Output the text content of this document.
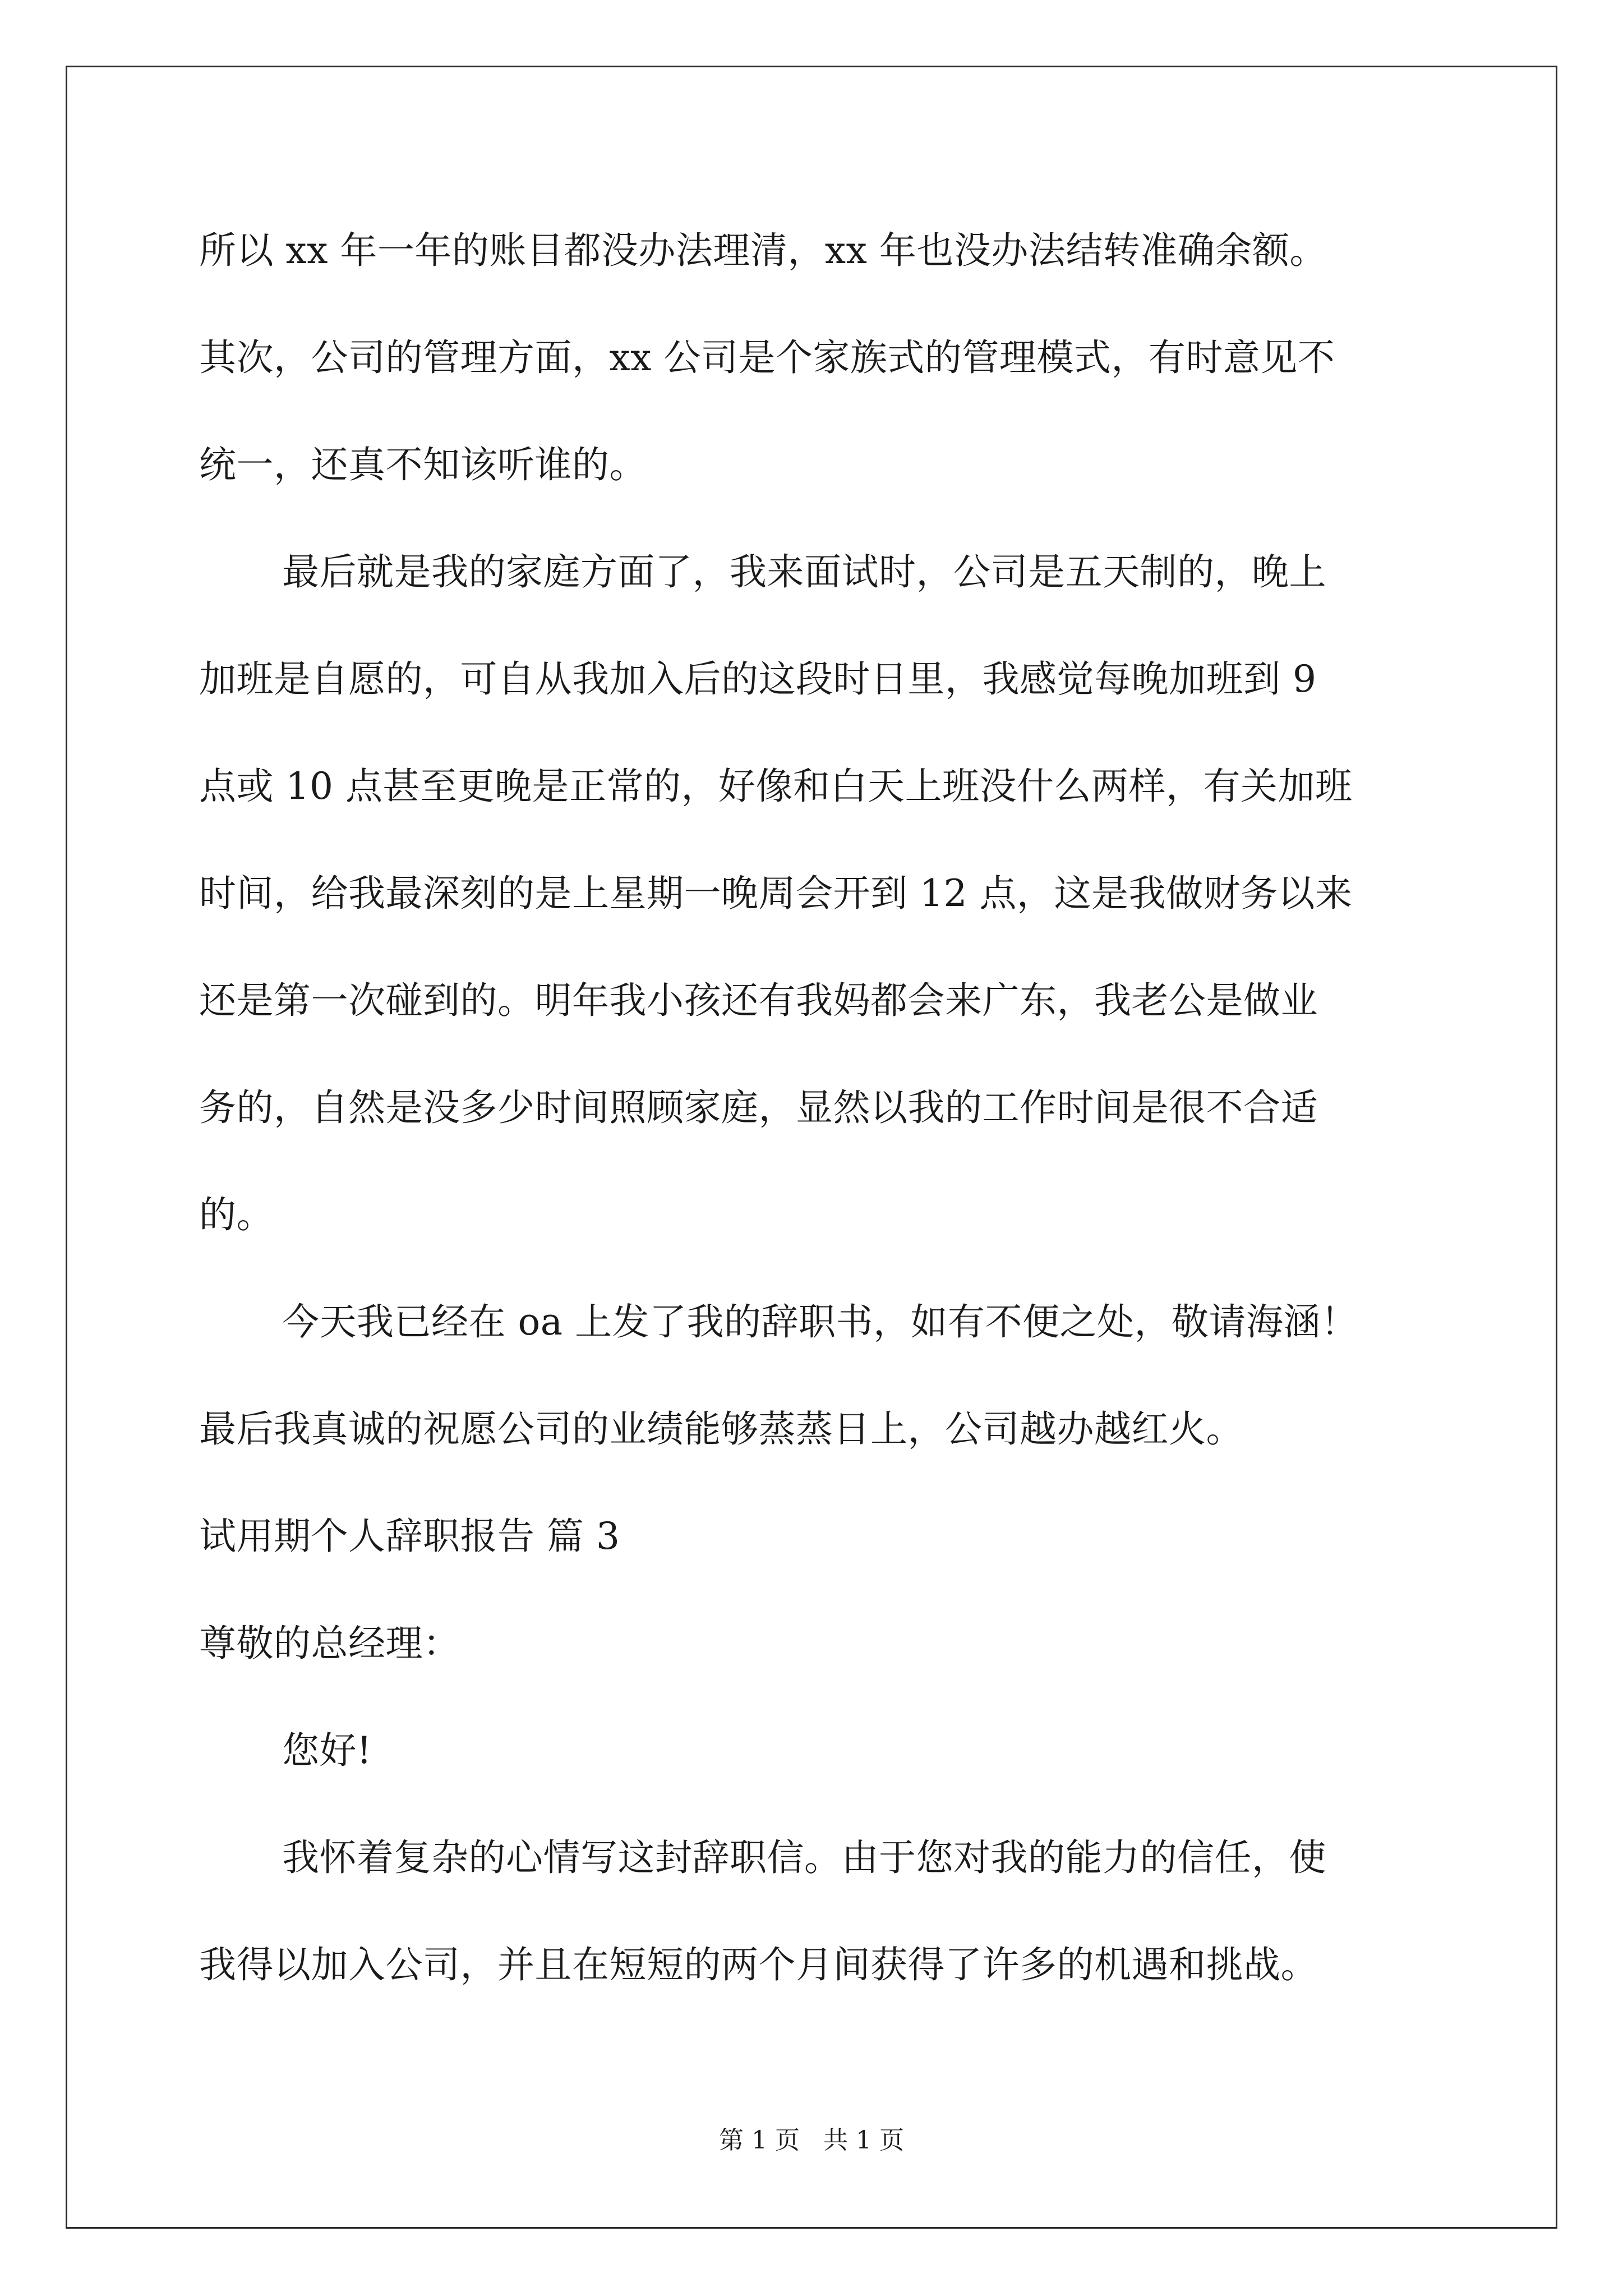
所以 xx 年一年的账目都没办法理清，xx 年也没办法结转准确余额。
其次，公司的管理方面，xx 公司是个家族式的管理模式，有时意见不
统一，还真不知该听谁的。
最后就是我的家庭方面了，我来面试时，公司是五天制的，晚上
加班是自愿的，可自从我加入后的这段时日里，我感觉每晚加班到 9
点或 10 点甚至更晚是正常的，好像和白天上班没什么两样，有关加班
时间，给我最深刻的是上星期一晚周会开到 12 点，这是我做财务以来
还是第一次碰到的。明年我小孩还有我妈都会来广东，我老公是做业
务的，自然是没多少时间照顾家庭，显然以我的工作时间是很不合适
的。
今天我已经在 oa 上发了我的辞职书，如有不便之处，敬请海涵！
最后我真诚的祝愿公司的业绩能够蒸蒸日上，公司越办越红火。
试用期个人辞职报告 篇 3
尊敬的总经理：
您好!
我怀着复杂的心情写这封辞职信。由于您对我的能力的信任，使
我得以加入公司，并且在短短的两个月间获得了许多的机遇和挑战。
第 1 页   共 1 页
